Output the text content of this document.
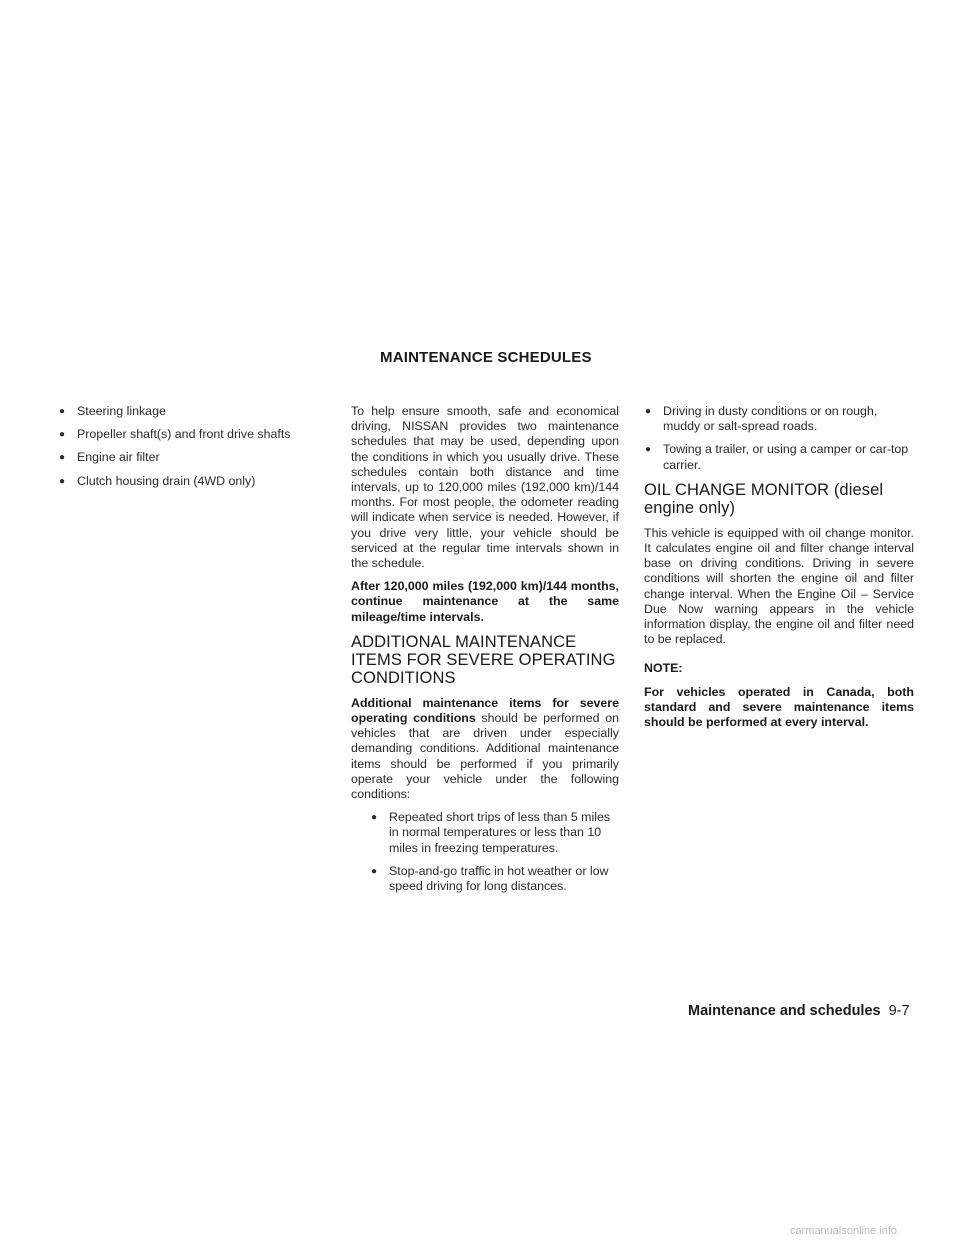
MAINTENANCE SCHEDULES
● Steering linkage
● Propeller shaft(s) and front drive shafts
● Engine air filter
● Clutch housing drain (4WD only)

To help ensure smooth, safe and economical driving, NISSAN provides two maintenance schedules that may be used, depending upon the conditions in which you usually drive. These schedules contain both distance and time intervals, up to 120,000 miles (192,000 km)/144 months. For most people, the odometer reading will indicate when service is needed. However, if you drive very little, your vehicle should be serviced at the regular time intervals shown in the schedule.

After 120,000 miles (192,000 km)/144 months, continue maintenance at the same mileage/time intervals.

ADDITIONAL MAINTENANCE ITEMS FOR SEVERE OPERATING CONDITIONS

Additional maintenance items for severe operating conditions should be performed on vehicles that are driven under especially demanding conditions. Additional maintenance items should be performed if you primarily operate your vehicle under the following conditions:

● Repeated short trips of less than 5 miles in normal temperatures or less than 10 miles in freezing temperatures.
● Stop-and-go traffic in hot weather or low speed driving for long distances.
● Driving in dusty conditions or on rough, muddy or salt-spread roads.
● Towing a trailer, or using a camper or car-top carrier.
OIL CHANGE MONITOR (diesel engine only)

This vehicle is equipped with oil change monitor. It calculates engine oil and filter change interval base on driving conditions. Driving in severe conditions will shorten the engine oil and filter change interval. When the Engine Oil – Service Due Now warning appears in the vehicle information display, the engine oil and filter need to be replaced.

NOTE:

For vehicles operated in Canada, both standard and severe maintenance items should be performed at every interval.

Maintenance and schedules 9-7
carmanualsonline.info
